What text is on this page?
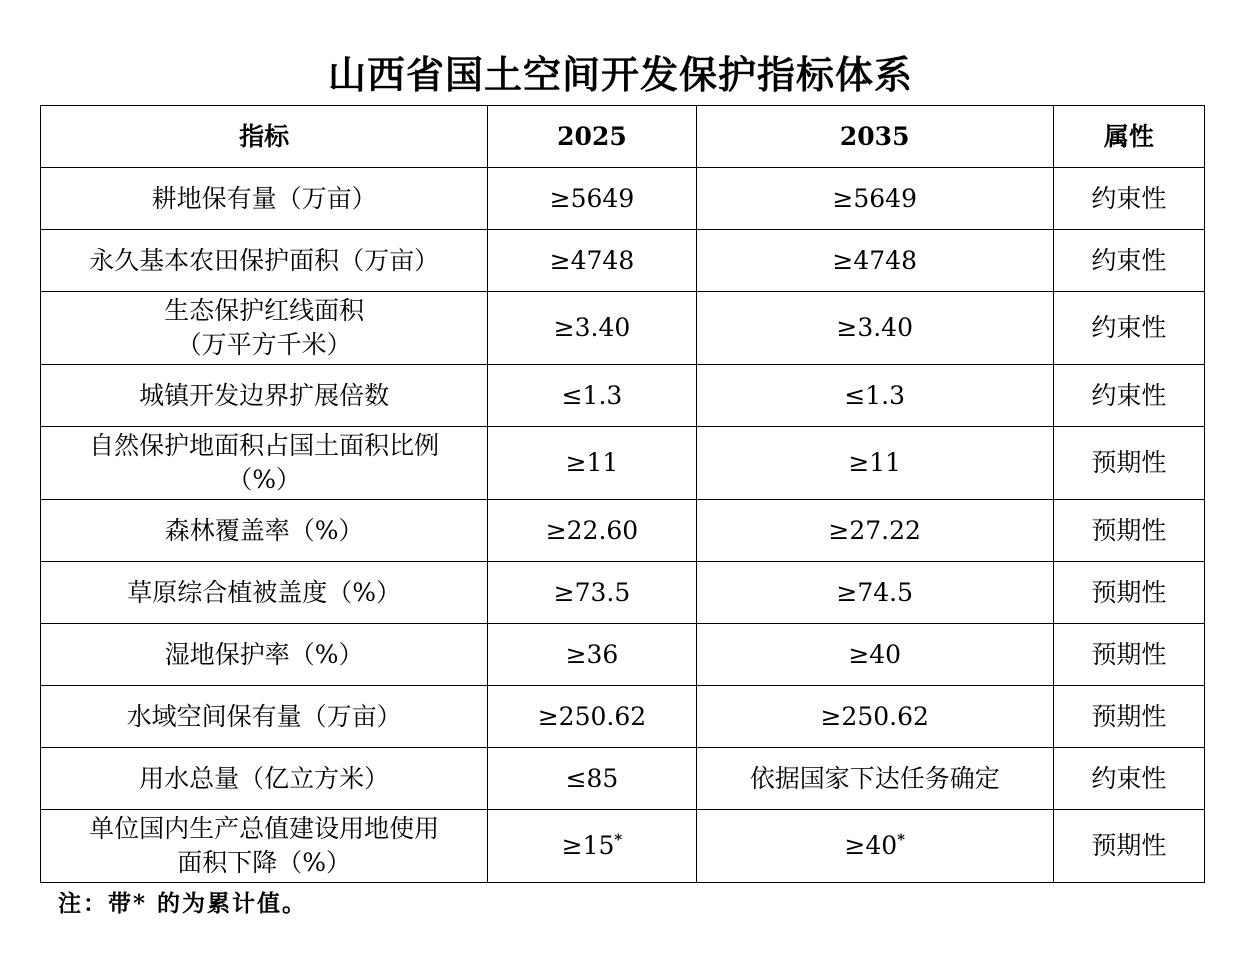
山西省国土空间开发保护指标体系
指标	2025	2035	属性

耕地保有量（万亩）	≥5649	≥5649	约束性

永久基本农田保护面积（万亩）	≥4748	≥4748	约束性

生态保护红线面积
（万平方千米）	≥3.40	≥3.40	约束性

城镇开发边界扩展倍数	≤1.3	≤1.3	约束性

自然保护地面积占国土面积比例
（%）	≥11	≥11	预期性

森林覆盖率（%）	≥22.60	≥27.22	预期性

草原综合植被盖度（%）	≥73.5	≥74.5	预期性

湿地保护率（%）	≥36	≥40	预期性

水域空间保有量（万亩）	≥250.62	≥250.62	预期性

用水总量（亿立方米）	≤85	依据国家下达任务确定	约束性

单位国内生产总值建设用地使用
面积下降（%）	≥15*	≥40*	预期性
注：带* 的为累计值。
